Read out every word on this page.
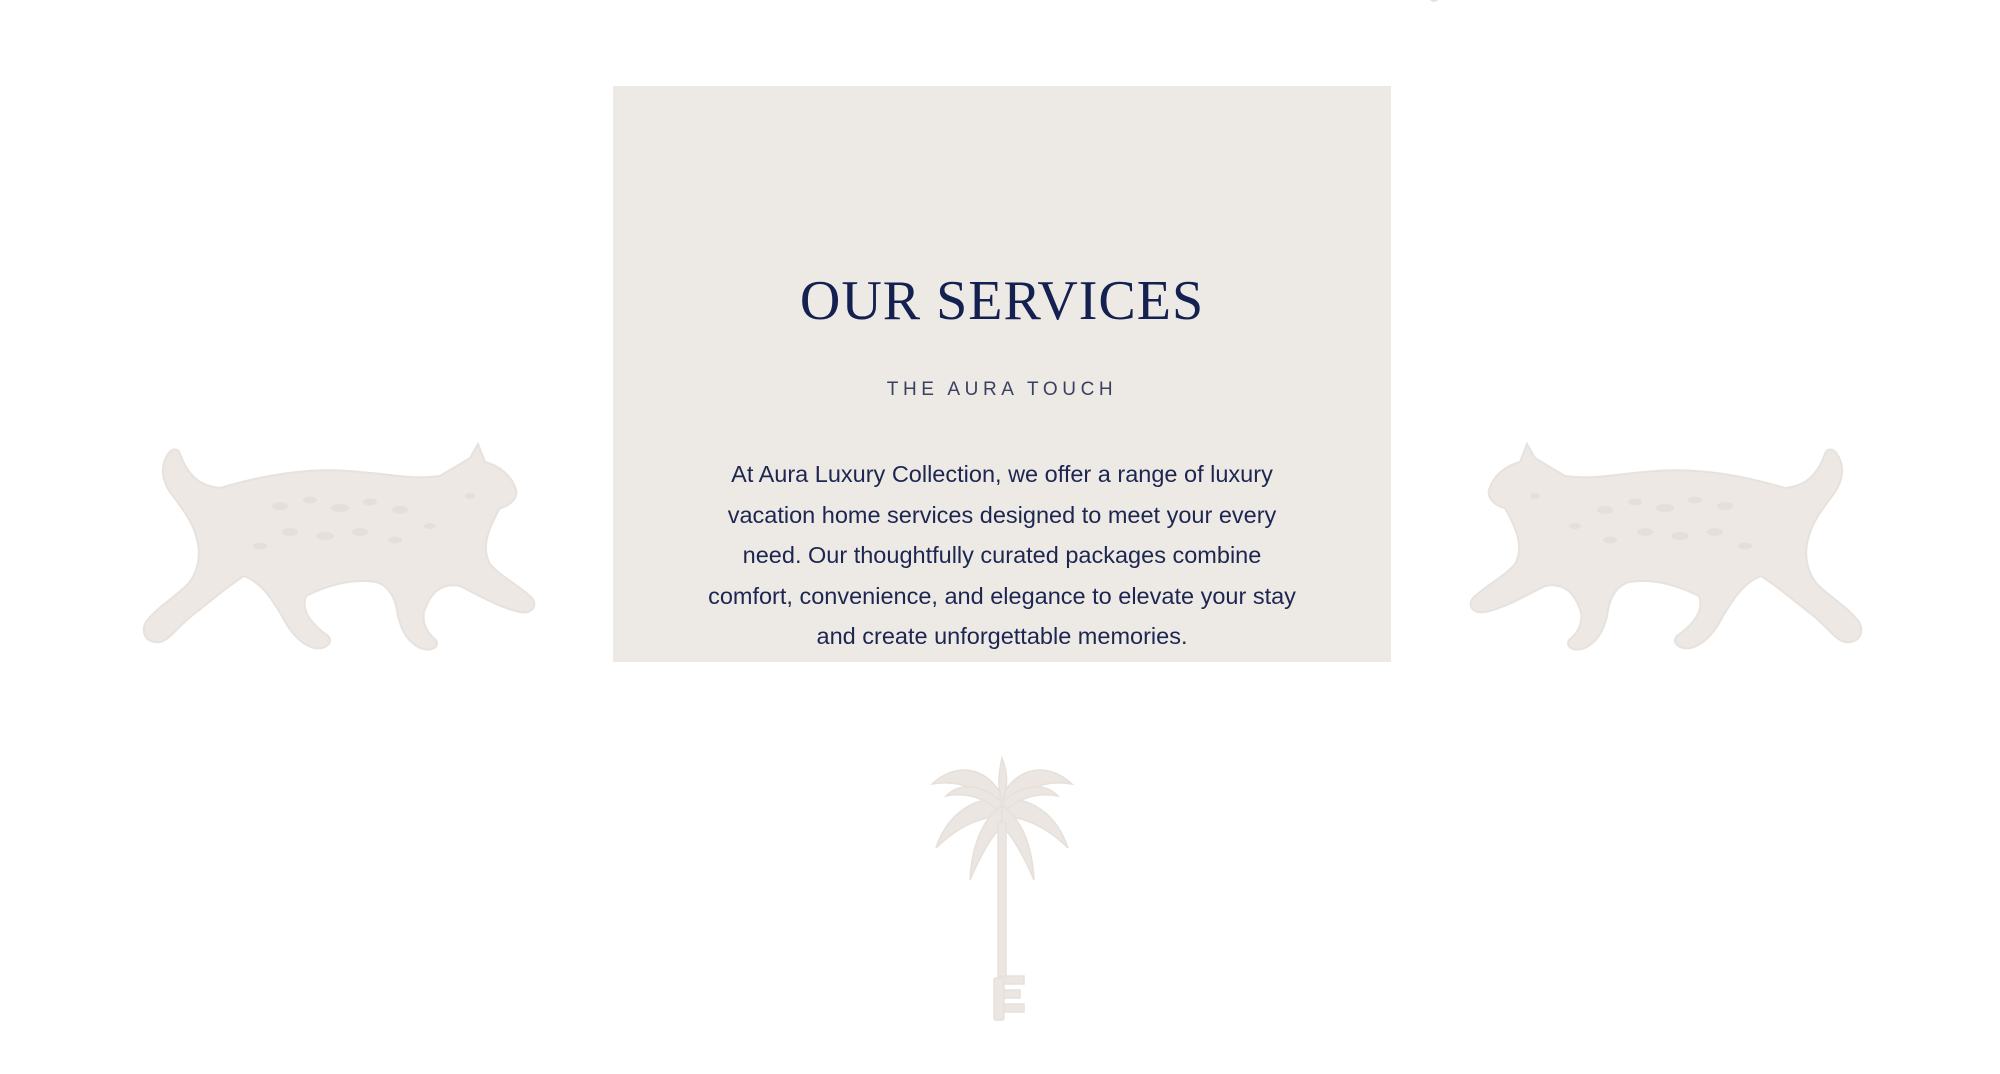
OUR SERVICES
THE AURA TOUCH

At Aura Luxury Collection, we offer a range of luxury vacation home services designed to meet your every need. Our thoughtfully curated packages combine comfort, convenience, and elegance to elevate your stay and create unforgettable memories.
